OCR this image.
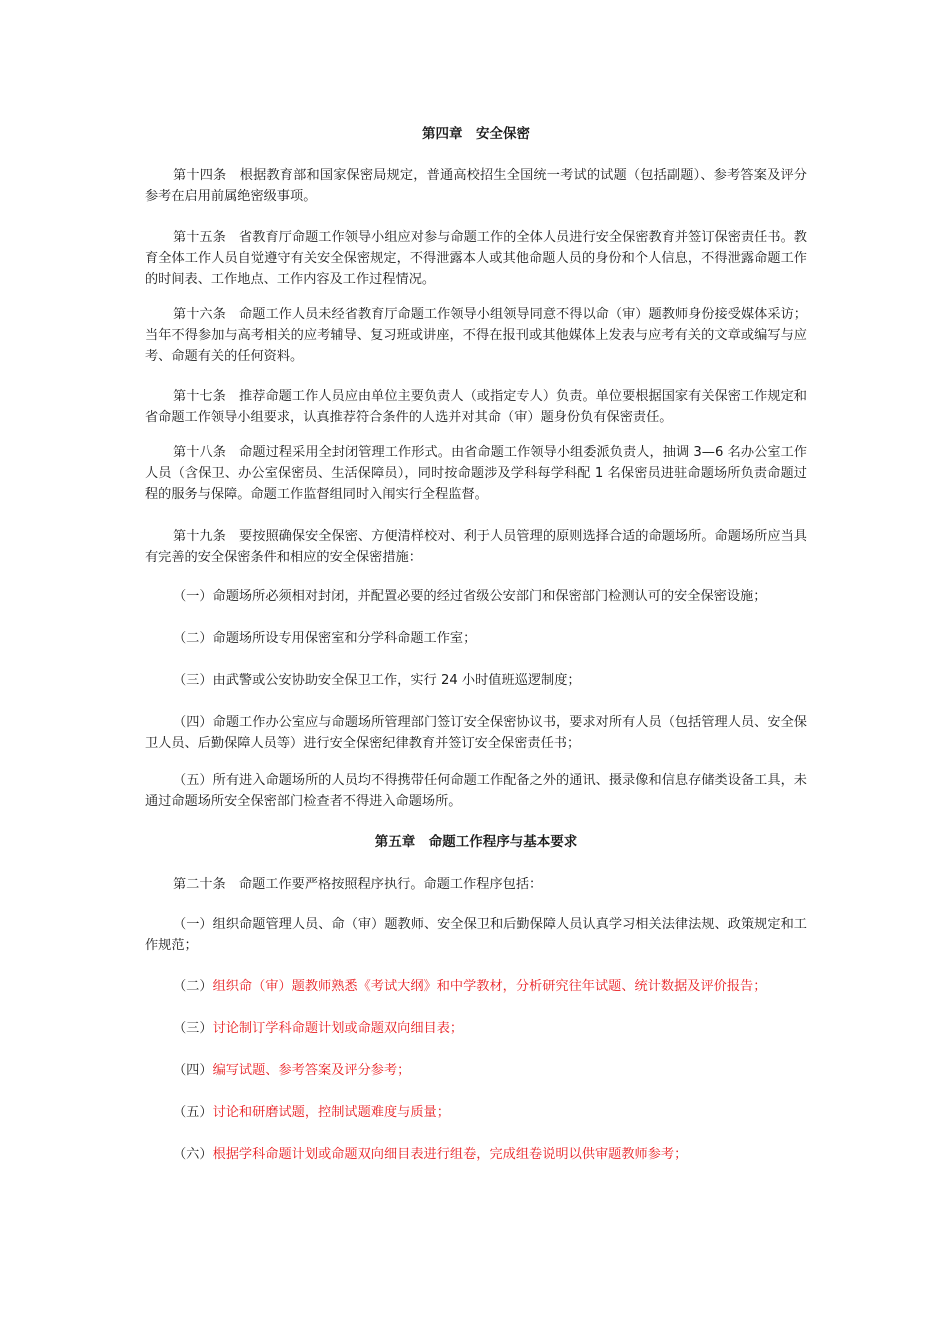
第四章　安全保密

第十四条　根据教育部和国家保密局规定，普通高校招生全国统一考试的试题（包括副题）、参考答案及评分参考在启用前属绝密级事项。

第十五条　省教育厅命题工作领导小组应对参与命题工作的全体人员进行安全保密教育并签订保密责任书。教育全体工作人员自觉遵守有关安全保密规定，不得泄露本人或其他命题人员的身份和个人信息，不得泄露命题工作的时间表、工作地点、工作内容及工作过程情况。

第十六条　命题工作人员未经省教育厅命题工作领导小组领导同意不得以命（审）题教师身份接受媒体采访；当年不得参加与高考相关的应考辅导、复习班或讲座，不得在报刊或其他媒体上发表与应考有关的文章或编写与应考、命题有关的任何资料。

第十七条　推荐命题工作人员应由单位主要负责人（或指定专人）负责。单位要根据国家有关保密工作规定和省命题工作领导小组要求，认真推荐符合条件的人选并对其命（审）题身份负有保密责任。

第十八条　命题过程采用全封闭管理工作形式。由省命题工作领导小组委派负责人，抽调 3—6 名办公室工作人员（含保卫、办公室保密员、生活保障员），同时按命题涉及学科每学科配 1 名保密员进驻命题场所负责命题过程的服务与保障。命题工作监督组同时入闱实行全程监督。

第十九条　要按照确保安全保密、方便清样校对、利于人员管理的原则选择合适的命题场所。命题场所应当具有完善的安全保密条件和相应的安全保密措施：

（一）命题场所必须相对封闭，并配置必要的经过省级公安部门和保密部门检测认可的安全保密设施；

（二）命题场所设专用保密室和分学科命题工作室；

（三）由武警或公安协助安全保卫工作，实行 24 小时值班巡逻制度；

（四）命题工作办公室应与命题场所管理部门签订安全保密协议书，要求对所有人员（包括管理人员、安全保卫人员、后勤保障人员等）进行安全保密纪律教育并签订安全保密责任书；

（五）所有进入命题场所的人员均不得携带任何命题工作配备之外的通讯、摄录像和信息存储类设备工具，未通过命题场所安全保密部门检查者不得进入命题场所。

第五章　命题工作程序与基本要求

第二十条　命题工作要严格按照程序执行。命题工作程序包括：

（一）组织命题管理人员、命（审）题教师、安全保卫和后勤保障人员认真学习相关法律法规、政策规定和工作规范；

（二）组织命（审）题教师熟悉《考试大纲》和中学教材，分析研究往年试题、统计数据及评价报告；

（三）讨论制订学科命题计划或命题双向细目表；

（四）编写试题、参考答案及评分参考；

（五）讨论和研磨试题，控制试题难度与质量；

（六）根据学科命题计划或命题双向细目表进行组卷，完成组卷说明以供审题教师参考；
